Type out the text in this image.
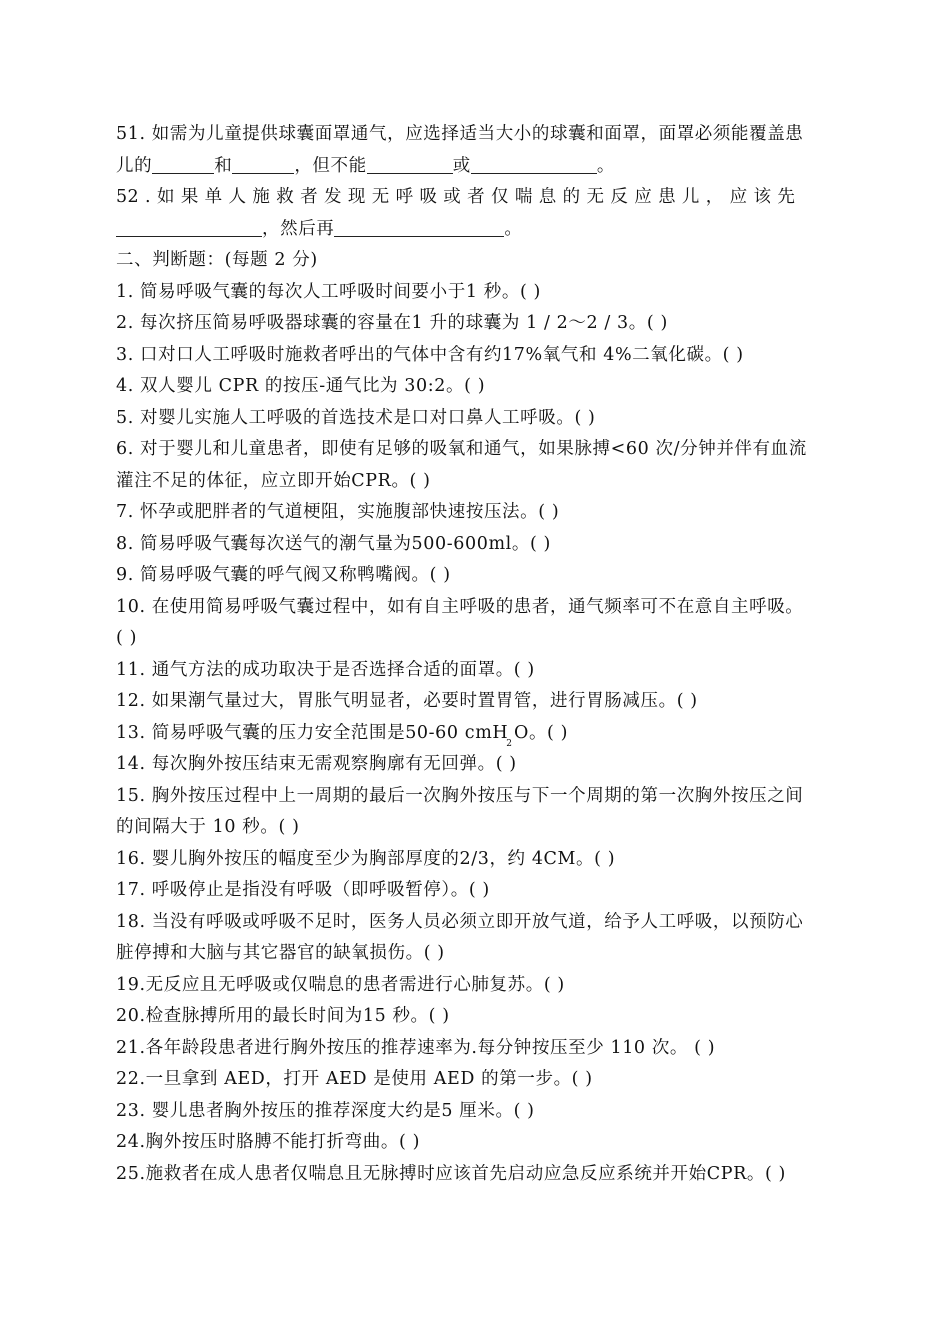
51. 如需为儿童提供球囊面罩通气，应选择适当大小的球囊和面罩，面罩必须能覆盖患
儿的	和	，但不能	或	。
52 . 如 果 单 人 施 救 者 发 现 无 呼 吸 或 者 仅 喘 息 的 无 反 应 患 儿 ， 应 该 先
，然后再	。
二、判断题：(每题 2 分)
1. 简易呼吸气囊的每次人工呼吸时间要小于1 秒。( )
2. 每次挤压简易呼吸器球囊的容量在1 升的球囊为 1 / 2～2 / 3。( )
3. 口对口人工呼吸时施救者呼出的气体中含有约17%氧气和 4%二氧化碳。( )
4. 双人婴儿 CPR 的按压-通气比为 30:2。( )
5. 对婴儿实施人工呼吸的首选技术是口对口鼻人工呼吸。( )
6. 对于婴儿和儿童患者，即使有足够的吸氧和通气，如果脉搏<60 次/分钟并伴有血流
灌注不足的体征，应立即开始CPR。( )
7. 怀孕或肥胖者的气道梗阻，实施腹部快速按压法。( )
8. 简易呼吸气囊每次送气的潮气量为500-600ml。( )
9. 简易呼吸气囊的呼气阀又称鸭嘴阀。( )
10. 在使用简易呼吸气囊过程中，如有自主呼吸的患者，通气频率可不在意自主呼吸。
( )
11. 通气方法的成功取决于是否选择合适的面罩。( )
12. 如果潮气量过大，胃胀气明显者，必要时置胃管，进行胃肠减压。( )
13. 简易呼吸气囊的压力安全范围是50-60 cmH$_2$O。( )
14. 每次胸外按压结束无需观察胸廓有无回弹。( )
15. 胸外按压过程中上一周期的最后一次胸外按压与下一个周期的第一次胸外按压之间
的间隔大于 10 秒。( )
16. 婴儿胸外按压的幅度至少为胸部厚度的2/3，约 4CM。( )
17. 呼吸停止是指没有呼吸（即呼吸暂停）。( )
18. 当没有呼吸或呼吸不足时，医务人员必须立即开放气道，给予人工呼吸，以预防心
脏停搏和大脑与其它器官的缺氧损伤。( )
19.无反应且无呼吸或仅喘息的患者需进行心肺复苏。( )
20.检查脉搏所用的最长时间为15 秒。( )
21.各年龄段患者进行胸外按压的推荐速率为.每分钟按压至少 110 次。 ( )
22.一旦拿到 AED，打开 AED 是使用 AED 的第一步。( )
23. 婴儿患者胸外按压的推荐深度大约是5 厘米。( )
24.胸外按压时胳膊不能打折弯曲。( )
25.施救者在成人患者仅喘息且无脉搏时应该首先启动应急反应系统并开始CPR。( )
